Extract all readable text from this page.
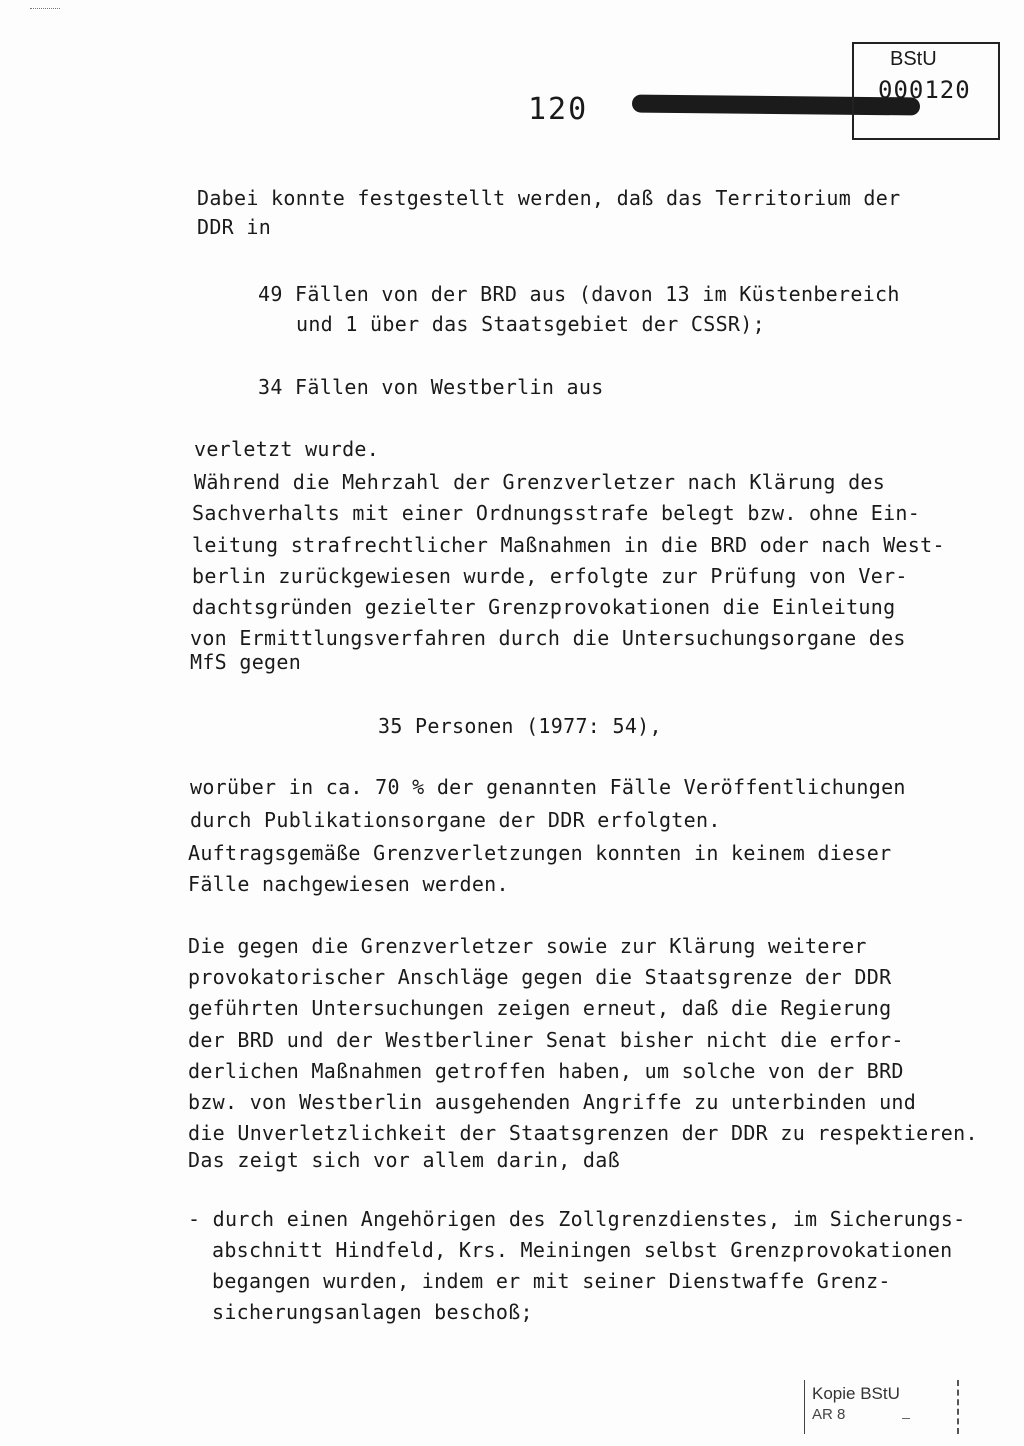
120
BStU
000120
Dabei konnte festgestellt werden, daß das Territorium der
DDR in
49 Fällen von der BRD aus (davon 13 im Küstenbereich
und 1 über das Staatsgebiet der CSSR);
34 Fällen von Westberlin aus
verletzt wurde.
Während die Mehrzahl der Grenzverletzer nach Klärung des
Sachverhalts mit einer Ordnungsstrafe belegt bzw. ohne Ein-
leitung strafrechtlicher Maßnahmen in die BRD oder nach West-
berlin zurückgewiesen wurde, erfolgte zur Prüfung von Ver-
dachtsgründen gezielter Grenzprovokationen die Einleitung
von Ermittlungsverfahren durch die Untersuchungsorgane des
MfS gegen
35 Personen (1977: 54),
worüber in ca. 70 % der genannten Fälle Veröffentlichungen
durch Publikationsorgane der DDR erfolgten.
Auftragsgemäße Grenzverletzungen konnten in keinem dieser
Fälle nachgewiesen werden.
Die gegen die Grenzverletzer sowie zur Klärung weiterer
provokatorischer Anschläge gegen die Staatsgrenze der DDR
geführten Untersuchungen zeigen erneut, daß die Regierung
der BRD und der Westberliner Senat bisher nicht die erfor-
derlichen Maßnahmen getroffen haben, um solche von der BRD
bzw. von Westberlin ausgehenden Angriffe zu unterbinden und
die Unverletzlichkeit der Staatsgrenzen der DDR zu respektieren.
Das zeigt sich vor allem darin, daß
- durch einen Angehörigen des Zollgrenzdienstes, im Sicherungs-
abschnitt Hindfeld, Krs. Meiningen selbst Grenzprovokationen
begangen wurden, indem er mit seiner Dienstwaffe Grenz-
sicherungsanlagen beschoß;
Kopie BStU
AR 8
